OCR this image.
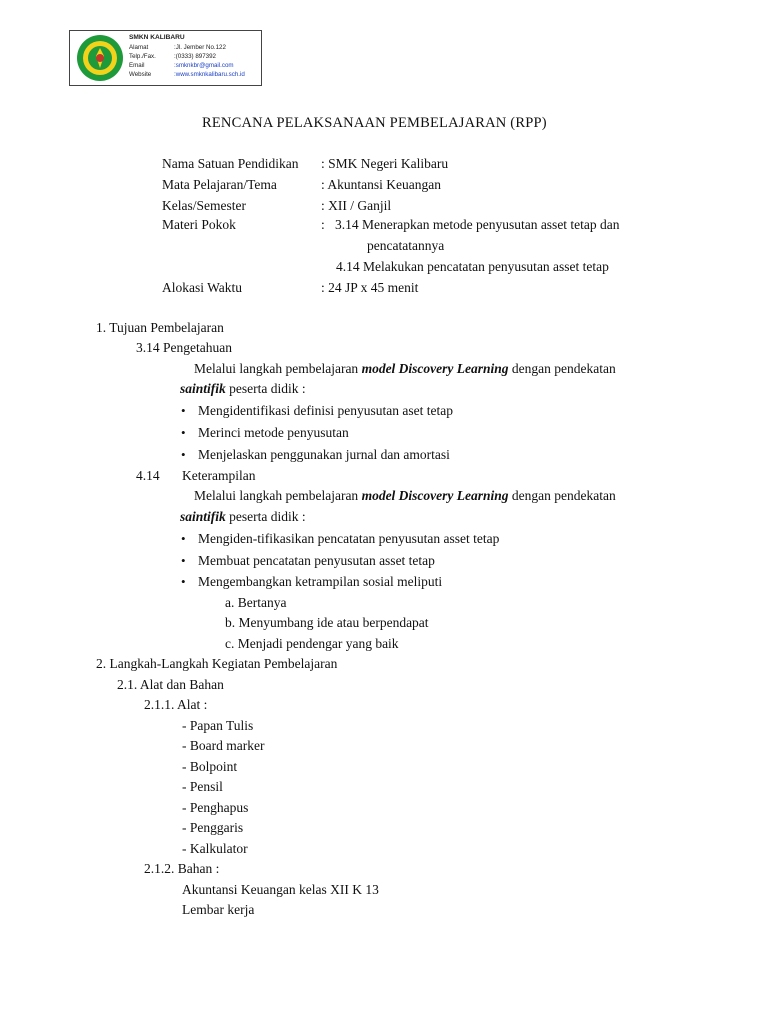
SMKN KALIBARU
Alamat	:Jl. Jember No.122
Telp./Fax.	:(0333) 897392
Email	:smknkbr@gmail.com
Website	:www.smknkalibaru.sch.id
RENCANA PELAKSANAAN PEMBELAJARAN (RPP)
Nama Satuan Pendidikan : SMK Negeri Kalibaru
Mata Pelajaran/Tema	: Akuntansi Keuangan
Kelas/Semester	: XII / Ganjil
Materi Pokok	: 3.14 Menerapkan metode penyusutan asset tetap dan
pencatatannya
4.14 Melakukan pencatatan penyusutan asset tetap
Alokasi Waktu	: 24 JP x 45 menit
1. Tujuan Pembelajaran
3.14 Pengetahuan
Melalui langkah pembelajaran model Discovery Learning dengan pendekatan
saintifik peserta didik :
• Mengidentifikasi definisi penyusutan aset tetap
• Merinci metode penyusutan
• Menjelaskan penggunakan jurnal dan amortasi
4.14 Keterampilan
Melalui langkah pembelajaran model Discovery Learning dengan pendekatan
saintifik peserta didik :
• Mengiden-tifikasikan pencatatan penyusutan asset tetap
• Membuat pencatatan penyusutan asset tetap
• Mengembangkan ketrampilan sosial meliputi
a. Bertanya
b. Menyumbang ide atau berpendapat
c. Menjadi pendengar yang baik
2. Langkah-Langkah Kegiatan Pembelajaran
2.1. Alat dan Bahan
2.1.1. Alat :
- Papan Tulis
- Board marker
- Bolpoint
- Pensil
- Penghapus
- Penggaris
- Kalkulator
2.1.2. Bahan :
Akuntansi Keuangan kelas XII K 13
Lembar kerja
